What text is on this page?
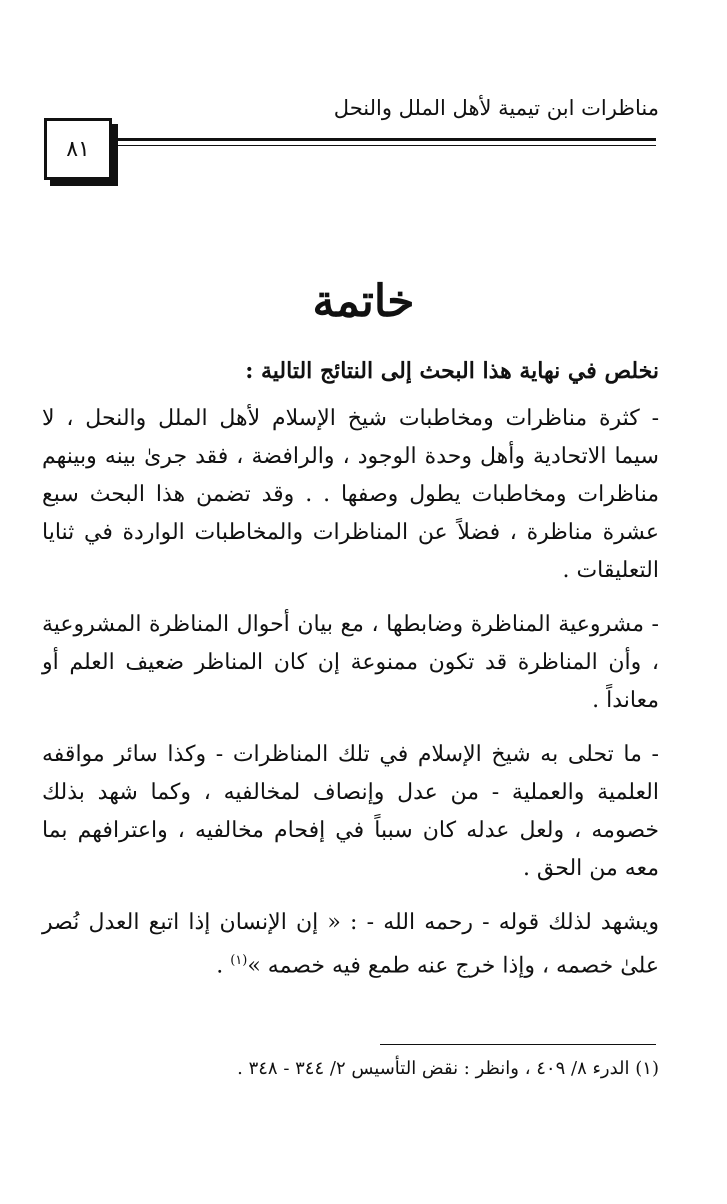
مناظرات ابن تيمية لأهل الملل والنحل
٨١
خاتمة

نخلص في نهاية هذا البحث إلى النتائج التالية :

- كثرة مناظرات ومخاطبات شيخ الإسلام لأهل الملل والنحل ، لا سيما الاتحادية وأهل وحدة الوجود ، والرافضة ، فقد جرىٰ بينه وبينهم مناظرات ومخاطبات يطول وصفها . . وقد تضمن هذا البحث سبع عشرة مناظرة ، فضلاً عن المناظرات والمخاطبات الواردة في ثنايا التعليقات .

- مشروعية المناظرة وضابطها ، مع بيان أحوال المناظرة المشروعية ، وأن المناظرة قد تكون ممنوعة إن كان المناظر ضعيف العلم أو معانداً .

- ما تحلى به شيخ الإسلام في تلك المناظرات - وكذا سائر مواقفه العلمية والعملية - من عدل وإنصاف لمخالفيه ، وكما شهد بذلك خصومه ، ولعل عدله كان سبباً في إفحام مخالفيه ، واعترافهم بما معه من الحق .

ويشهد لذلك قوله - رحمه الله - : « إن الإنسان إذا اتبع العدل نُصر علىٰ خصمه ، وإذا خرج عنه طمع فيه خصمه »$^{(١)}$ .

(١) الدرء ٨/ ٤٠٩ ، وانظر : نقض التأسيس ٢/ ٣٤٤ - ٣٤٨ .
